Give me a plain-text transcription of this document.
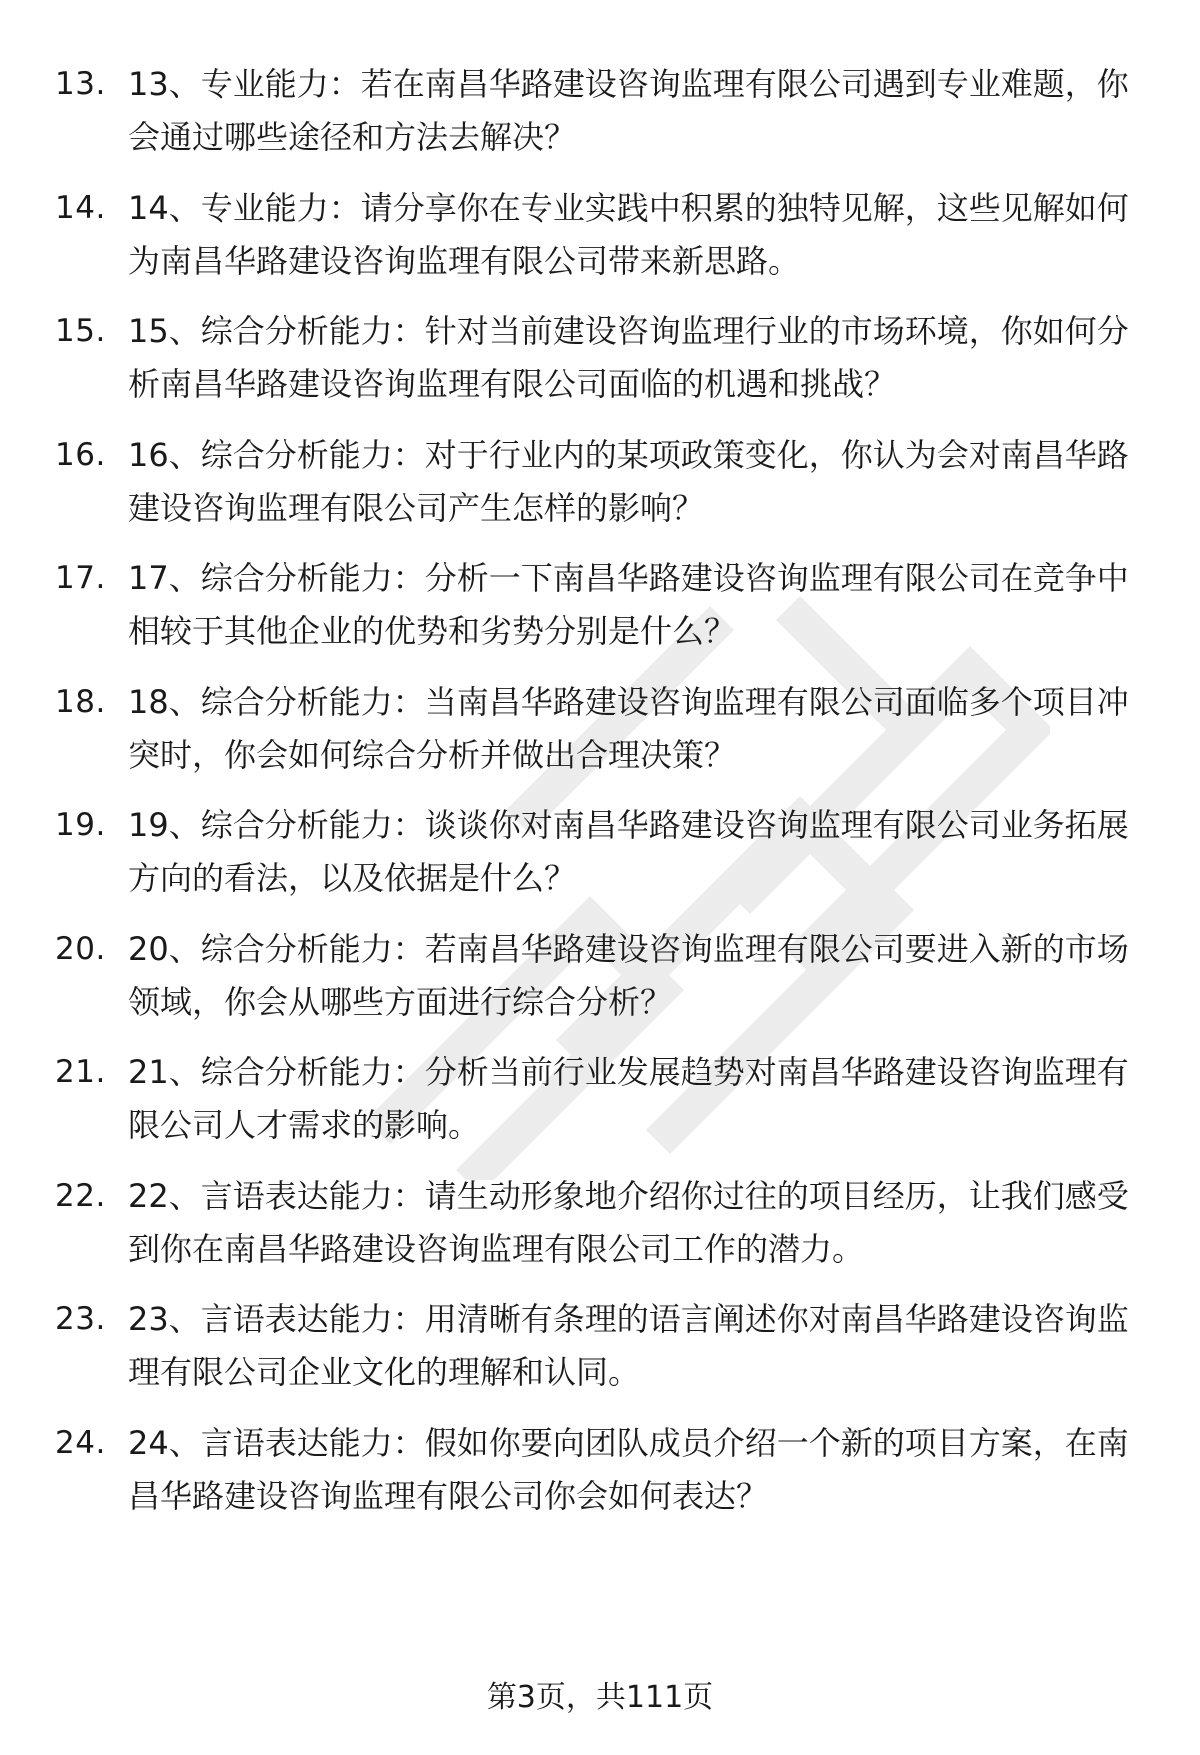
13. 13、专业能力：若在南昌华路建设咨询监理有限公司遇到专业难题，你会通过哪些途径和方法去解决？

14. 14、专业能力：请分享你在专业实践中积累的独特见解，这些见解如何为南昌华路建设咨询监理有限公司带来新思路。

15. 15、综合分析能力：针对当前建设咨询监理行业的市场环境，你如何分析南昌华路建设咨询监理有限公司面临的机遇和挑战？

16. 16、综合分析能力：对于行业内的某项政策变化，你认为会对南昌华路建设咨询监理有限公司产生怎样的影响？

17. 17、综合分析能力：分析一下南昌华路建设咨询监理有限公司在竞争中相较于其他企业的优势和劣势分别是什么？

18. 18、综合分析能力：当南昌华路建设咨询监理有限公司面临多个项目冲突时，你会如何综合分析并做出合理决策？

19. 19、综合分析能力：谈谈你对南昌华路建设咨询监理有限公司业务拓展方向的看法，以及依据是什么？

20. 20、综合分析能力：若南昌华路建设咨询监理有限公司要进入新的市场领域，你会从哪些方面进行综合分析？

21. 21、综合分析能力：分析当前行业发展趋势对南昌华路建设咨询监理有限公司人才需求的影响。

22. 22、言语表达能力：请生动形象地介绍你过往的项目经历，让我们感受到你在南昌华路建设咨询监理有限公司工作的潜力。

23. 23、言语表达能力：用清晰有条理的语言阐述你对南昌华路建设咨询监理有限公司企业文化的理解和认同。

24. 24、言语表达能力：假如你要向团队成员介绍一个新的项目方案，在南昌华路建设咨询监理有限公司你会如何表达？

第3页，共111页
